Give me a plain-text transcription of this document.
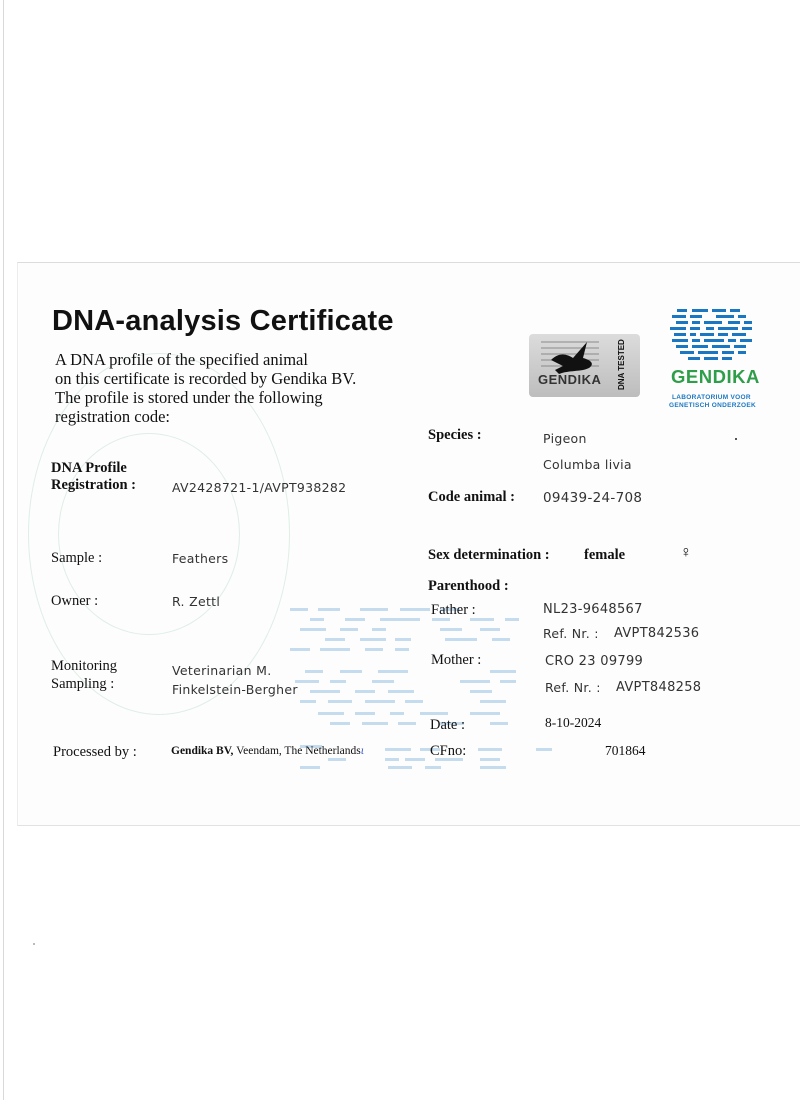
DNA-analysis Certificate
A DNA profile of the specified animal
on this certificate is recorded by Gendika BV.
The profile is stored under the following
registration code:
GENDIKA DNA TESTED GENDIKA
LABORATORIUM VOOR
GENETISCH ONDERZOEK
DNA Profile
Registration :	AV2428721-1/AVPT938282
Sample :	Feathers
Owner :	R. Zettl
Monitoring
Sampling :
Veterinarian M.
Finkelstein-Bergher
Processed by :	Gendika BV, Veendam, The Netherlandsι
Species :	Pigeon
Columba livia
Code animal : 09439-24-708
Sex determination : female	♀
Parenthood :
Father :	NL23-9648567
Ref. Nr. : AVPT842536
Mother :	CRO 23 09799
Ref. Nr. : AVPT848258
Date :	8-10-2024
CFno:	701864
